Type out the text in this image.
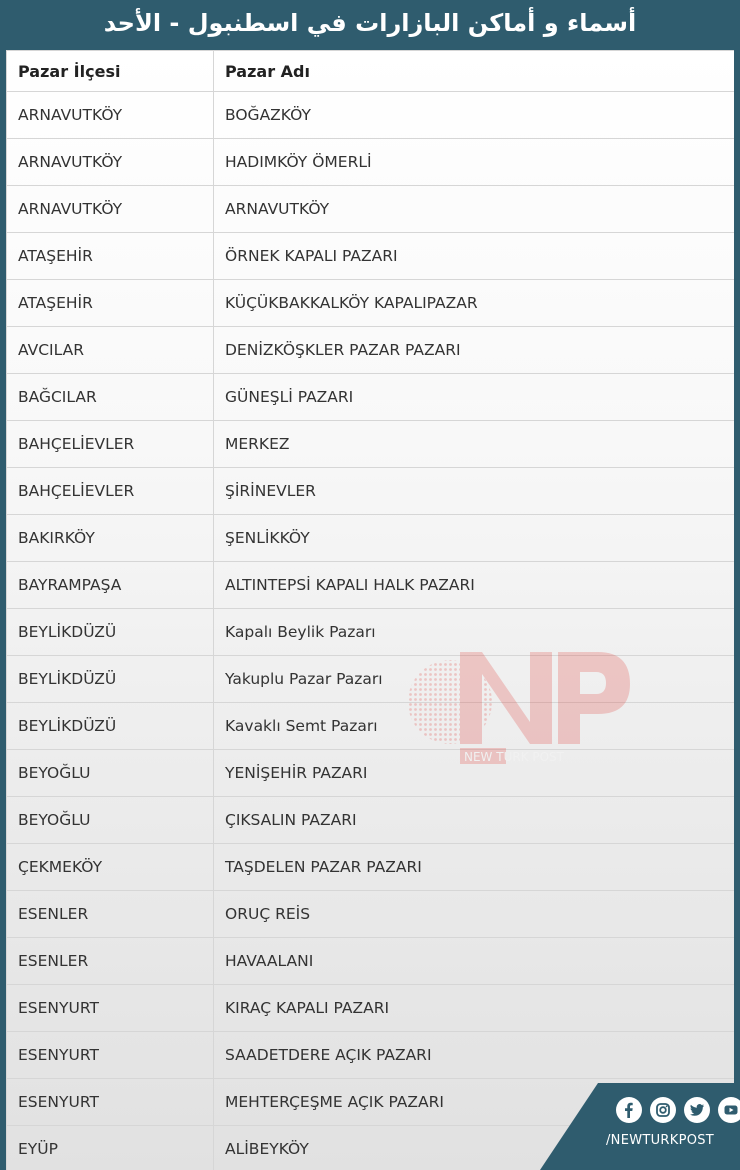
أسماء و أماكن البازارات في اسطنبول - الأحد
Pazar İlçesi	Pazar Adı
ARNAVUTKÖY	BOĞAZKÖY
ARNAVUTKÖY	HADIMKÖY ÖMERLİ
ARNAVUTKÖY	ARNAVUTKÖY
ATAŞEHİR	ÖRNEK KAPALI PAZARI
ATAŞEHİR	KÜÇÜKBAKKALKÖY KAPALIPAZAR
AVCILAR	DENİZKÖŞKLER PAZAR PAZARI
BAĞCILAR	GÜNEŞLİ PAZARI
BAHÇELİEVLER	MERKEZ
BAHÇELİEVLER	ŞİRİNEVLER
BAKIRKÖY	ŞENLİKKÖY
BAYRAMPAŞA	ALTINTEPSİ KAPALI HALK PAZARI
BEYLİKDÜZÜ	Kapalı Beylik Pazarı
BEYLİKDÜZÜ	Yakuplu Pazar Pazarı
BEYLİKDÜZÜ	Kavaklı Semt Pazarı
BEYOĞLU	YENİŞEHİR PAZARI
BEYOĞLU	ÇIKSALIN PAZARI
ÇEKMEKÖY	TAŞDELEN PAZAR PAZARI
ESENLER	ORUÇ REİS
ESENLER	HAVAALANI
ESENYURT	KIRAÇ KAPALI PAZARI
ESENYURT	SAADETDERE AÇIK PAZARI
ESENYURT	MEHTERÇEŞME AÇIK PAZARI
EYÜP	ALİBEYKÖY
NEW TURK POST
/NEWTURKPOST
